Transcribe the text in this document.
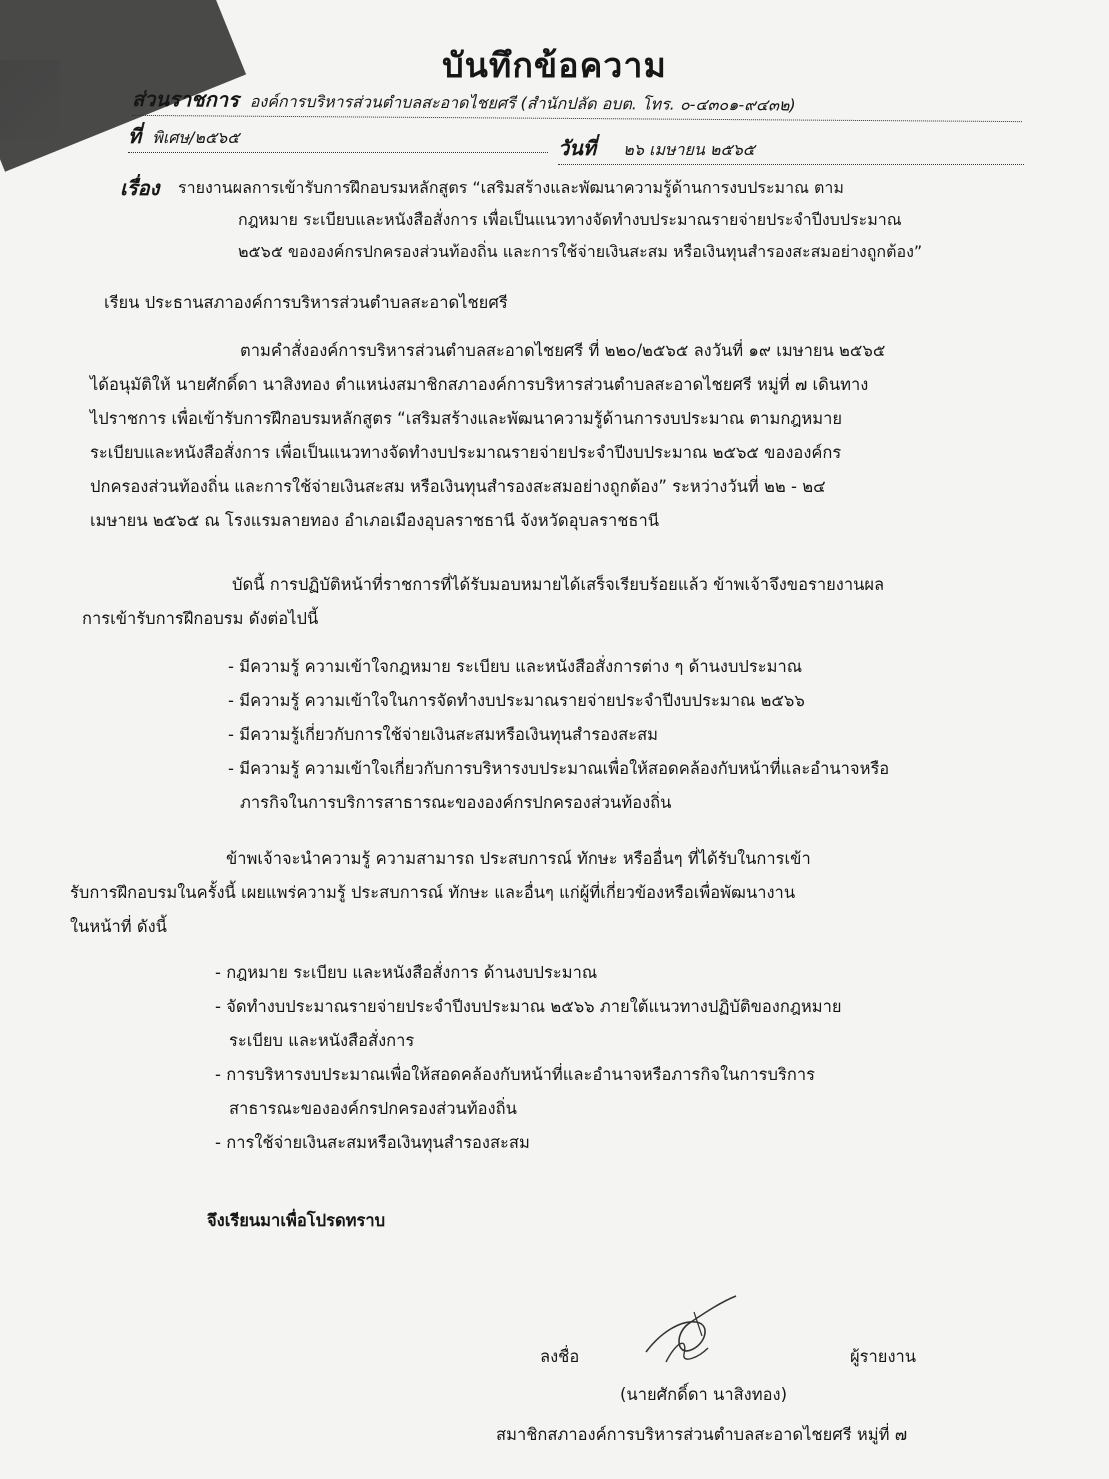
บันทึกข้อความ
ส่วนราชการ องค์การบริหารส่วนตำบลสะอาดไชยศรี (สำนักปลัด อบต. โทร. ๐-๔๓๐๑-๙๔๓๒)
ที่ พิเศษ/๒๕๖๕	วันที่ ๒๖ เมษายน ๒๕๖๕
เรื่อง รายงานผลการเข้ารับการฝึกอบรมหลักสูตร “เสริมสร้างและพัฒนาความรู้ด้านการงบประมาณ ตาม
กฎหมาย ระเบียบและหนังสือสั่งการ เพื่อเป็นแนวทางจัดทำงบประมาณรายจ่ายประจำปีงบประมาณ
๒๕๖๕ ขององค์กรปกครองส่วนท้องถิ่น และการใช้จ่ายเงินสะสม หรือเงินทุนสำรองสะสมอย่างถูกต้อง”
เรียน ประธานสภาองค์การบริหารส่วนตำบลสะอาดไชยศรี
ตามคำสั่งองค์การบริหารส่วนตำบลสะอาดไชยศรี ที่ ๒๒๐/๒๕๖๕ ลงวันที่ ๑๙ เมษายน ๒๕๖๕
ได้อนุมัติให้ นายศักดิ์ดา นาสิงทอง ตำแหน่งสมาชิกสภาองค์การบริหารส่วนตำบลสะอาดไชยศรี หมู่ที่ ๗ เดินทาง
ไปราชการ เพื่อเข้ารับการฝึกอบรมหลักสูตร “เสริมสร้างและพัฒนาความรู้ด้านการงบประมาณ ตามกฎหมาย
ระเบียบและหนังสือสั่งการ เพื่อเป็นแนวทางจัดทำงบประมาณรายจ่ายประจำปีงบประมาณ ๒๕๖๕ ขององค์กร
ปกครองส่วนท้องถิ่น และการใช้จ่ายเงินสะสม หรือเงินทุนสำรองสะสมอย่างถูกต้อง” ระหว่างวันที่ ๒๒ - ๒๔
เมษายน ๒๕๖๕ ณ โรงแรมลายทอง อำเภอเมืองอุบลราชธานี จังหวัดอุบลราชธานี
บัดนี้ การปฏิบัติหน้าที่ราชการที่ได้รับมอบหมายได้เสร็จเรียบร้อยแล้ว ข้าพเจ้าจึงขอรายงานผล
การเข้ารับการฝึกอบรม ดังต่อไปนี้
- มีความรู้ ความเข้าใจกฎหมาย ระเบียบ และหนังสือสั่งการต่าง ๆ ด้านงบประมาณ
- มีความรู้ ความเข้าใจในการจัดทำงบประมาณรายจ่ายประจำปีงบประมาณ ๒๕๖๖
- มีความรู้เกี่ยวกับการใช้จ่ายเงินสะสมหรือเงินทุนสำรองสะสม
- มีความรู้ ความเข้าใจเกี่ยวกับการบริหารงบประมาณเพื่อให้สอดคล้องกับหน้าที่และอำนาจหรือ
ภารกิจในการบริการสาธารณะขององค์กรปกครองส่วนท้องถิ่น
ข้าพเจ้าจะนำความรู้ ความสามารถ ประสบการณ์ ทักษะ หรืออื่นๆ ที่ได้รับในการเข้า
รับการฝึกอบรมในครั้งนี้ เผยแพร่ความรู้ ประสบการณ์ ทักษะ และอื่นๆ แก่ผู้ที่เกี่ยวข้องหรือเพื่อพัฒนางาน
ในหน้าที่ ดังนี้
- กฎหมาย ระเบียบ และหนังสือสั่งการ ด้านงบประมาณ
- จัดทำงบประมาณรายจ่ายประจำปีงบประมาณ ๒๕๖๖ ภายใต้แนวทางปฏิบัติของกฎหมาย
ระเบียบ และหนังสือสั่งการ
- การบริหารงบประมาณเพื่อให้สอดคล้องกับหน้าที่และอำนาจหรือภารกิจในการบริการ
สาธารณะขององค์กรปกครองส่วนท้องถิ่น
- การใช้จ่ายเงินสะสมหรือเงินทุนสำรองสะสม
จึงเรียนมาเพื่อโปรดทราบ
ลงชื่อ	ผู้รายงาน
(นายศักดิ์ดา นาสิงทอง)
สมาชิกสภาองค์การบริหารส่วนตำบลสะอาดไชยศรี หมู่ที่ ๗
